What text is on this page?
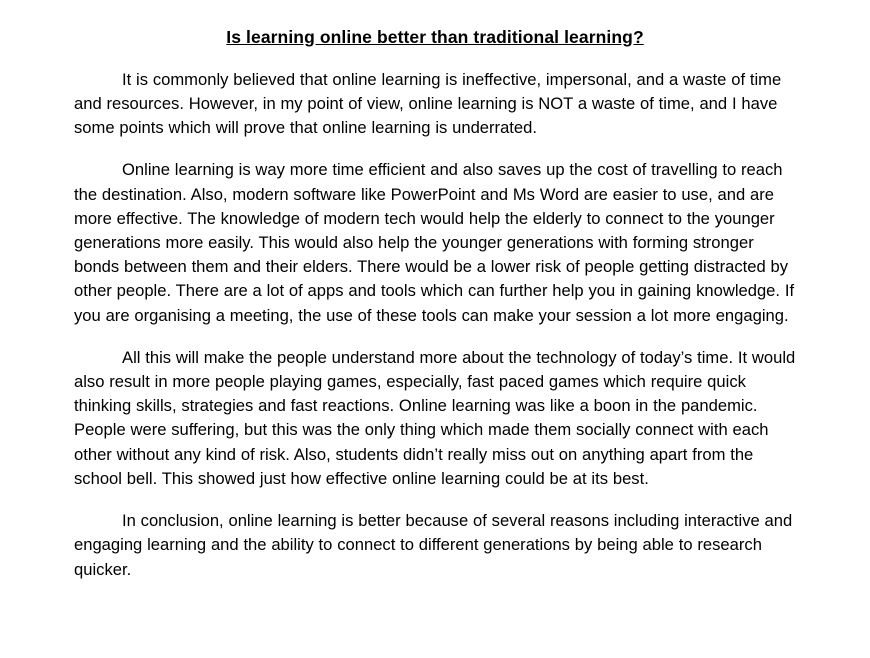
Is learning online better than traditional learning?

It is commonly believed that online learning is ineffective, impersonal, and a waste of time and resources. However, in my point of view, online learning is NOT a waste of time, and I have some points which will prove that online learning is underrated.

Online learning is way more time efficient and also saves up the cost of travelling to reach the destination. Also, modern software like PowerPoint and Ms Word are easier to use, and are more effective. The knowledge of modern tech would help the elderly to connect to the younger generations more easily. This would also help the younger generations with forming stronger bonds between them and their elders. There would be a lower risk of people getting distracted by other people. There are a lot of apps and tools which can further help you in gaining knowledge. If you are organising a meeting, the use of these tools can make your session a lot more engaging.

All this will make the people understand more about the technology of today’s time. It would also result in more people playing games, especially, fast paced games which require quick thinking skills, strategies and fast reactions. Online learning was like a boon in the pandemic. People were suffering, but this was the only thing which made them socially connect with each other without any kind of risk. Also, students didn’t really miss out on anything apart from the school bell. This showed just how effective online learning could be at its best.

In conclusion, online learning is better because of several reasons including interactive and engaging learning and the ability to connect to different generations by being able to research quicker.
